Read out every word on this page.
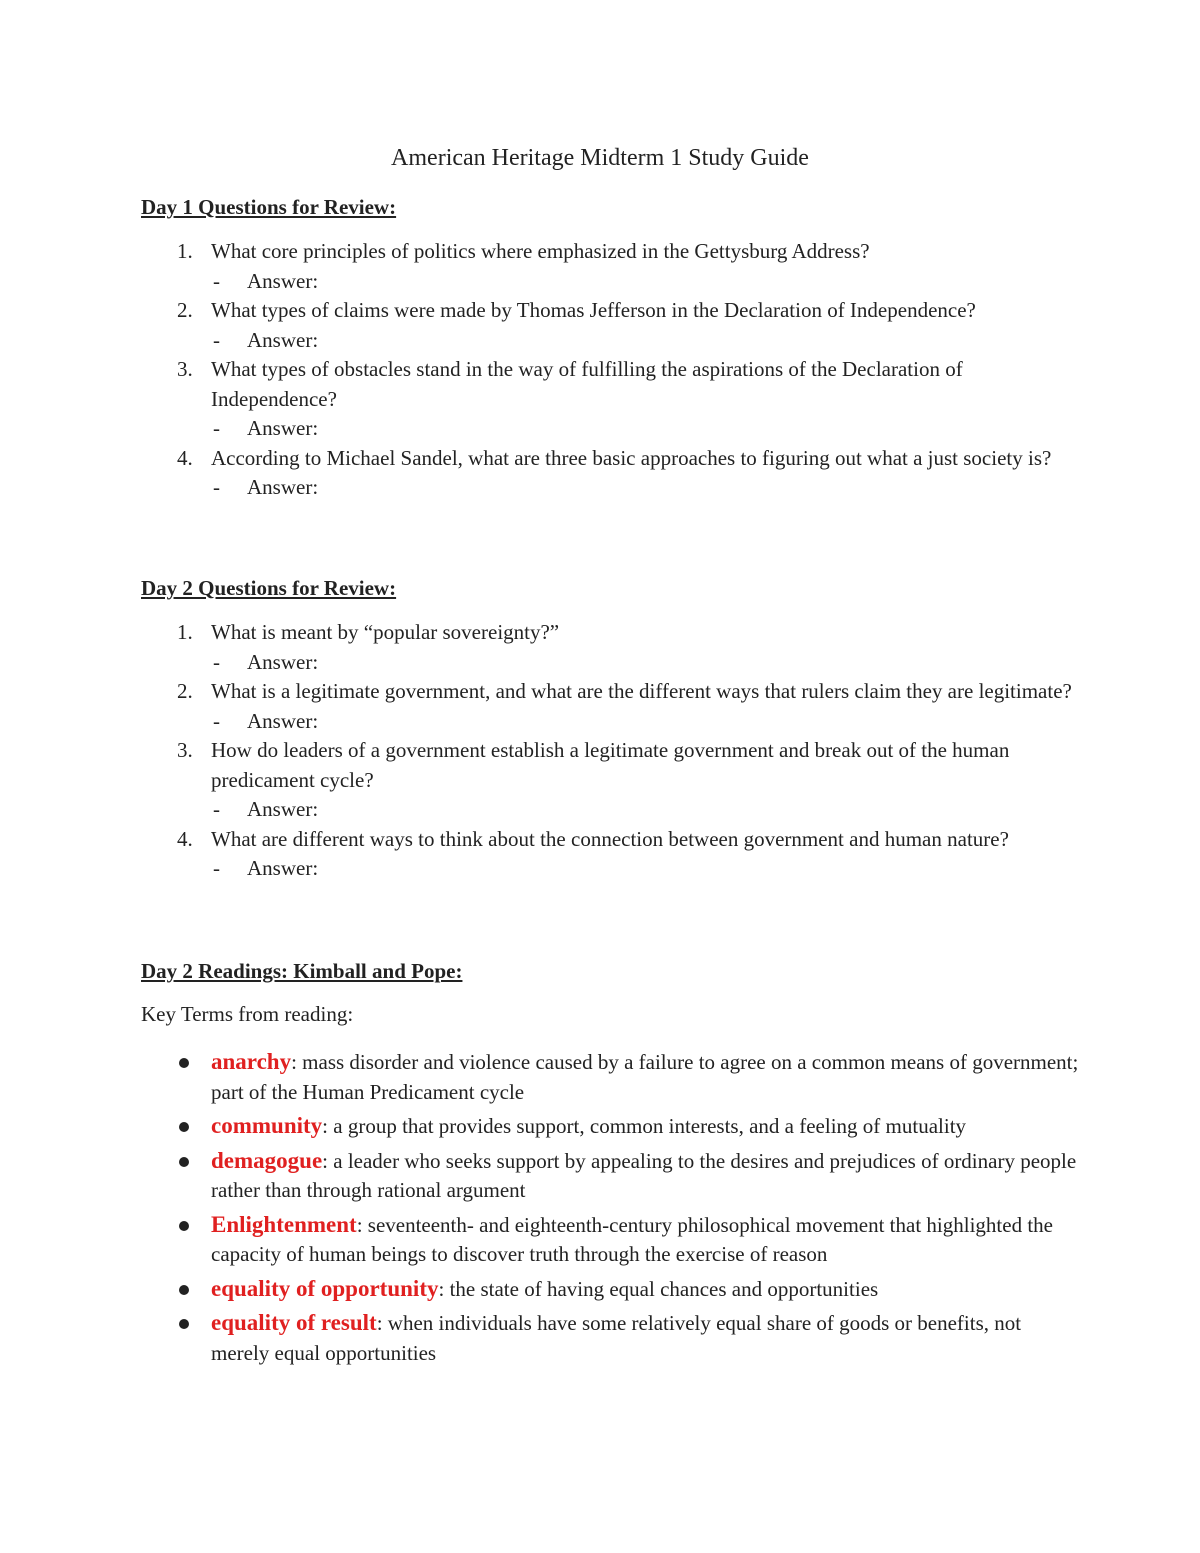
American Heritage Midterm 1 Study Guide
Day 1 Questions for Review:
1. What core principles of politics where emphasized in the Gettysburg Address?
- Answer:
2. What types of claims were made by Thomas Jefferson in the Declaration of Independence?
- Answer:
3. What types of obstacles stand in the way of fulfilling the aspirations of the Declaration of Independence?
- Answer:
4. According to Michael Sandel, what are three basic approaches to figuring out what a just society is?
- Answer:
Day 2 Questions for Review:
1. What is meant by “popular sovereignty?”
- Answer:
2. What is a legitimate government, and what are the different ways that rulers claim they are legitimate?
- Answer:
3. How do leaders of a government establish a legitimate government and break out of the human predicament cycle?
- Answer:
4. What are different ways to think about the connection between government and human nature?
- Answer:
Day 2 Readings: Kimball and Pope:
Key Terms from reading:
anarchy: mass disorder and violence caused by a failure to agree on a common means of government; part of the Human Predicament cycle
community: a group that provides support, common interests, and a feeling of mutuality
demagogue: a leader who seeks support by appealing to the desires and prejudices of ordinary people rather than through rational argument
Enlightenment: seventeenth- and eighteenth-century philosophical movement that highlighted the capacity of human beings to discover truth through the exercise of reason
equality of opportunity: the state of having equal chances and opportunities
equality of result: when individuals have some relatively equal share of goods or benefits, not merely equal opportunities
